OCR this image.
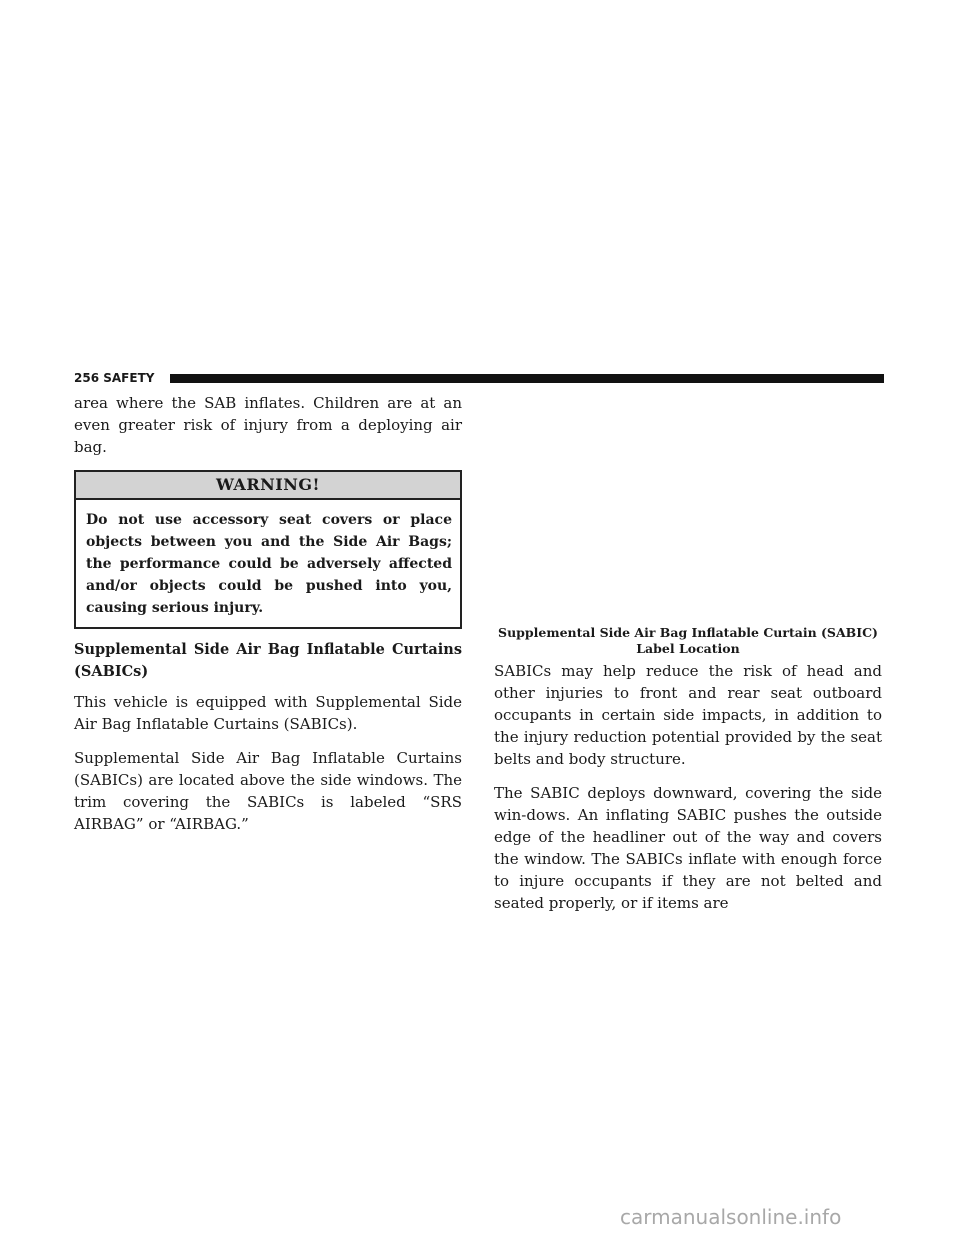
256 SAFETY

area where the SAB inflates. Children are at an even greater risk of injury from a deploying air bag.

WARNING!
Do not use accessory seat covers or place objects between you and the Side Air Bags; the performance could be adversely affected and/or objects could be pushed into you, causing serious injury.

Supplemental Side Air Bag Inflatable Curtains (SABICs)

This vehicle is equipped with Supplemental Side Air Bag Inflatable Curtains (SABICs).

Supplemental Side Air Bag Inflatable Curtains (SABICs) are located above the side windows. The trim covering the SABICs is labeled “SRS AIRBAG” or “AIRBAG.”

Supplemental Side Air Bag Inflatable Curtain (SABIC)
Label Location

SABICs may help reduce the risk of head and other injuries to front and rear seat outboard occupants in certain side impacts, in addition to the injury reduction potential provided by the seat belts and body structure.

The SABIC deploys downward, covering the side win-dows. An inflating SABIC pushes the outside edge of the headliner out of the way and covers the window. The SABICs inflate with enough force to injure occupants if they are not belted and seated properly, or if items are

carmanualsonline.info
